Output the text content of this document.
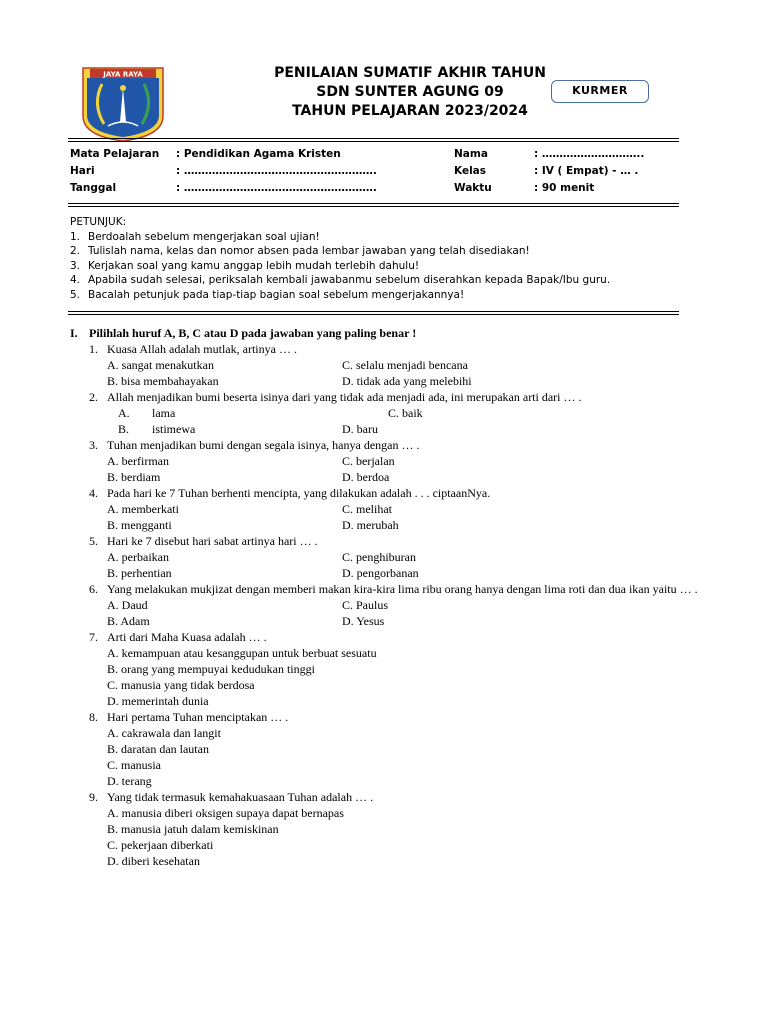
JAYA RAYA	PENILAIAN SUMATIF AKHIR TAHUN
SDN SUNTER AGUNG 09
TAHUN PELAJARAN 2023/2024
KURMER
Mata Pelajaran : Pendidikan Agama Kristen	Nama	: ………………………..
Hari	: ……………………………………………….	Kelas	: IV ( Empat) - … .
Tanggal	: ……………………………………………….	Waktu	: 90 menit
PETUNJUK:
1. Berdoalah sebelum mengerjakan soal ujian!
2. Tulislah nama, kelas dan nomor absen pada lembar jawaban yang telah disediakan!
3. Kerjakan soal yang kamu anggap lebih mudah terlebih dahulu!
4. Apabila sudah selesai, periksalah kembali jawabanmu sebelum diserahkan kepada Bapak/Ibu guru.
5. Bacalah petunjuk pada tiap-tiap bagian soal sebelum mengerjakannya!
I. Pilihlah huruf A, B, C atau D pada jawaban yang paling benar !
1. Kuasa Allah adalah mutlak, artinya … .
A. sangat menakutkan	C. selalu menjadi bencana
B. bisa membahayakan	D. tidak ada yang melebihi
2. Allah menjadikan bumi beserta isinya dari yang tidak ada menjadi ada, ini merupakan arti dari … .
A. lama	C. baik
B. istimewa	D. baru
3. Tuhan menjadikan bumi dengan segala isinya, hanya dengan … .
A. berfirman	C. berjalan
B. berdiam	D. berdoa
4. Pada hari ke 7 Tuhan berhenti mencipta, yang dilakukan adalah . . . ciptaanNya.
A. memberkati	C. melihat
B. mengganti	D. merubah
5. Hari ke 7 disebut hari sabat artinya hari … .
A. perbaikan	C. penghiburan
B. perhentian	D. pengorbanan
6. Yang melakukan mukjizat dengan memberi makan kira-kira lima ribu orang hanya dengan lima roti dan dua ikan yaitu … .
A. Daud	C. Paulus
B. Adam	D. Yesus
7. Arti dari Maha Kuasa adalah … .
A. kemampuan atau kesanggupan untuk berbuat sesuatu
B. orang yang mempuyai kedudukan tinggi
C. manusia yang tidak berdosa
D. memerintah dunia
8. Hari pertama Tuhan menciptakan … .
A. cakrawala dan langit
B. daratan dan lautan
C. manusia
D. terang
9. Yang tidak termasuk kemahakuasaan Tuhan adalah … .
A. manusia diberi oksigen supaya dapat bernapas
B. manusia jatuh dalam kemiskinan
C. pekerjaan diberkati
D. diberi kesehatan
